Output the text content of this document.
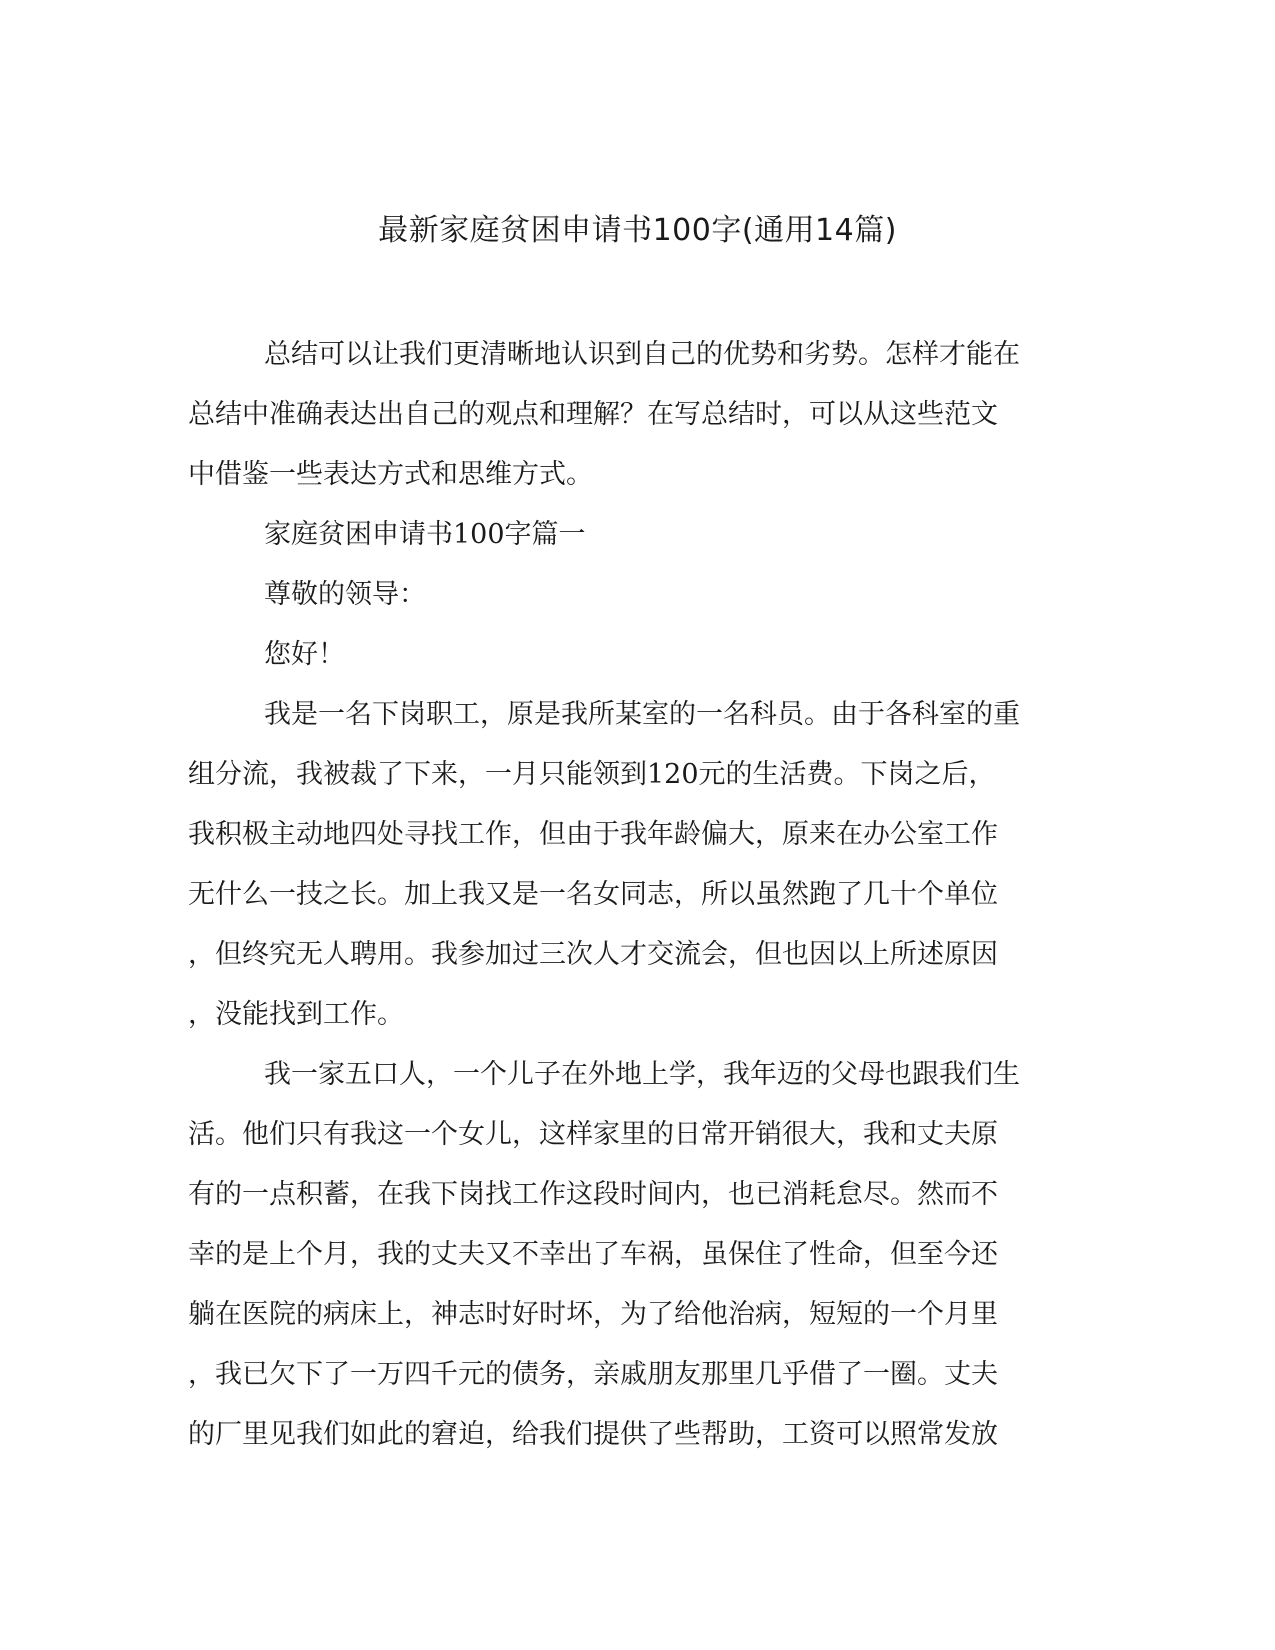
最新家庭贫困申请书100字(通用14篇)
总结可以让我们更清晰地认识到自己的优势和劣势。怎样才能在
总结中准确表达出自己的观点和理解？在写总结时，可以从这些范文
中借鉴一些表达方式和思维方式。
家庭贫困申请书100字篇一
尊敬的领导：
您好！
我是一名下岗职工，原是我所某室的一名科员。由于各科室的重
组分流，我被裁了下来，一月只能领到120元的生活费。下岗之后，
我积极主动地四处寻找工作，但由于我年龄偏大，原来在办公室工作
无什么一技之长。加上我又是一名女同志，所以虽然跑了几十个单位
，但终究无人聘用。我参加过三次人才交流会，但也因以上所述原因
，没能找到工作。
我一家五口人，一个儿子在外地上学，我年迈的父母也跟我们生
活。他们只有我这一个女儿，这样家里的日常开销很大，我和丈夫原
有的一点积蓄，在我下岗找工作这段时间内，也已消耗怠尽。然而不
幸的是上个月，我的丈夫又不幸出了车祸，虽保住了性命，但至今还
躺在医院的病床上，神志时好时坏，为了给他治病，短短的一个月里
，我已欠下了一万四千元的债务，亲戚朋友那里几乎借了一圈。丈夫
的厂里见我们如此的窘迫，给我们提供了些帮助，工资可以照常发放
